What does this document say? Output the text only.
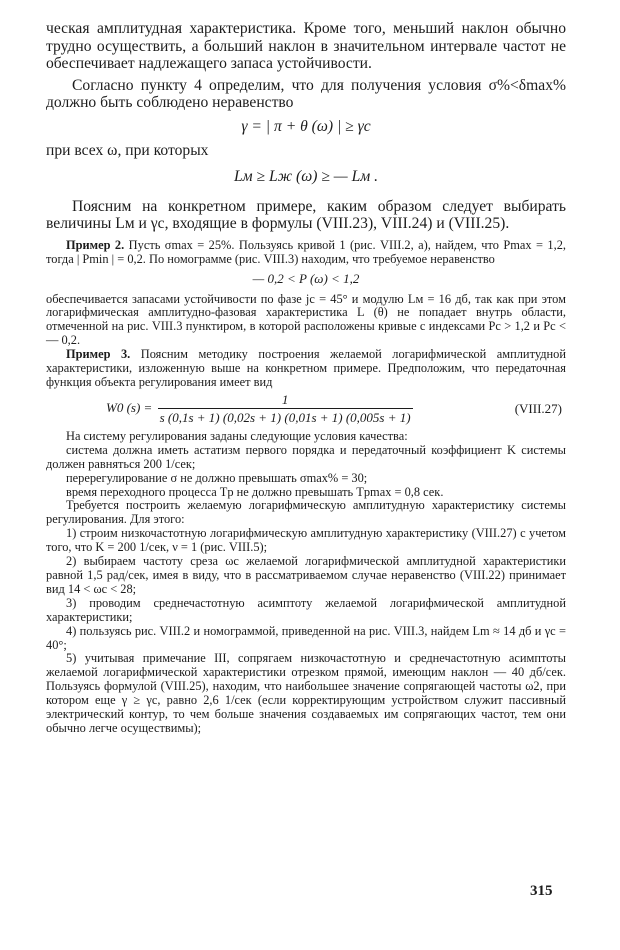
ческая амплитудная характеристика. Кроме того, меньший наклон обычно трудно осуществить, а больший наклон в значительном интервале частот не обеспечивает надлежащего запаса устойчивости.

Согласно пункту 4 определим, что для получения условия σ%<δmax% должно быть соблюдено неравенство

γ = | π + θ (ω) | ≥ γc

при всех ω, при которых

Lм ≥ Lж (ω) ≥ — Lм .

Поясним на конкретном примере, каким образом следует выбирать величины Lм и γc, входящие в формулы (VIII.23), VIII.24) и (VIII.25).

Пример 2. Пусть σmax = 25%. Пользуясь кривой 1 (рис. VIII.2, а), найдем, что Pmax = 1,2, тогда | Pmin | = 0,2. По номограмме (рис. VIII.3) находим, что требуемое неравенство

— 0,2 < P (ω) < 1,2

обеспечивается запасами устойчивости по фазе jc = 45° и модулю Lм = 16 дб, так как при этом логарифмическая амплитудно-фазовая характеристика L (θ) не попадает внутрь области, отмеченной на рис. VIII.3 пунктиром, в которой расположены кривые с индексами Pc > 1,2 и Pc < — 0,2.

Пример 3. Поясним методику построения желаемой логарифмической амплитудной характеристики, изложенную выше на конкретном примере. Предположим, что передаточная функция объекта регулирования имеет вид

W0 $(s) = \frac{1}{s (0,1s + 1) (0,02s + 1) (0,01s + 1) (0,005s + 1)}$	(VIII.27)

На систему регулирования заданы следующие условия качества:

система должна иметь астатизм первого порядка и передаточный коэффициент K системы должен равняться 200 1/сек;

перерегулирование σ не должно превышать σmax% = 30;

время переходного процесса Tp не должно превышать Tpmax = 0,8 сек.

Требуется построить желаемую логарифмическую амплитудную характеристику системы регулирования. Для этого:

1) строим низкочастотную логарифмическую амплитудную характеристику (VIII.27) с учетом того, что K = 200 1/сек, ν = 1 (рис. VIII.5);

2) выбираем частоту среза ωc желаемой логарифмической амплитудной характеристики равной 1,5 рад/сек, имея в виду, что в рассматриваемом случае неравенство (VIII.22) принимает вид 14 < ωc < 28;

3) проводим среднечастотную асимптоту желаемой логарифмической амплитудной характеристики;

4) пользуясь рис. VIII.2 и номограммой, приведенной на рис. VIII.3, найдем Lm ≈ 14 дб и γc = 40°;

5) учитывая примечание III, сопрягаем низкочастотную и среднечастотную асимптоты желаемой логарифмической характеристики отрезком прямой, имеющим наклон — 40 дб/сек. Пользуясь формулой (VIII.25), находим, что наибольшее значение сопрягающей частоты ω2, при котором еще γ ≥ γc, равно 2,6 1/сек (если корректирующим устройством служит пассивный электрический контур, то чем больше значения создаваемых им сопрягающих частот, тем они обычно легче осуществимы);

315
